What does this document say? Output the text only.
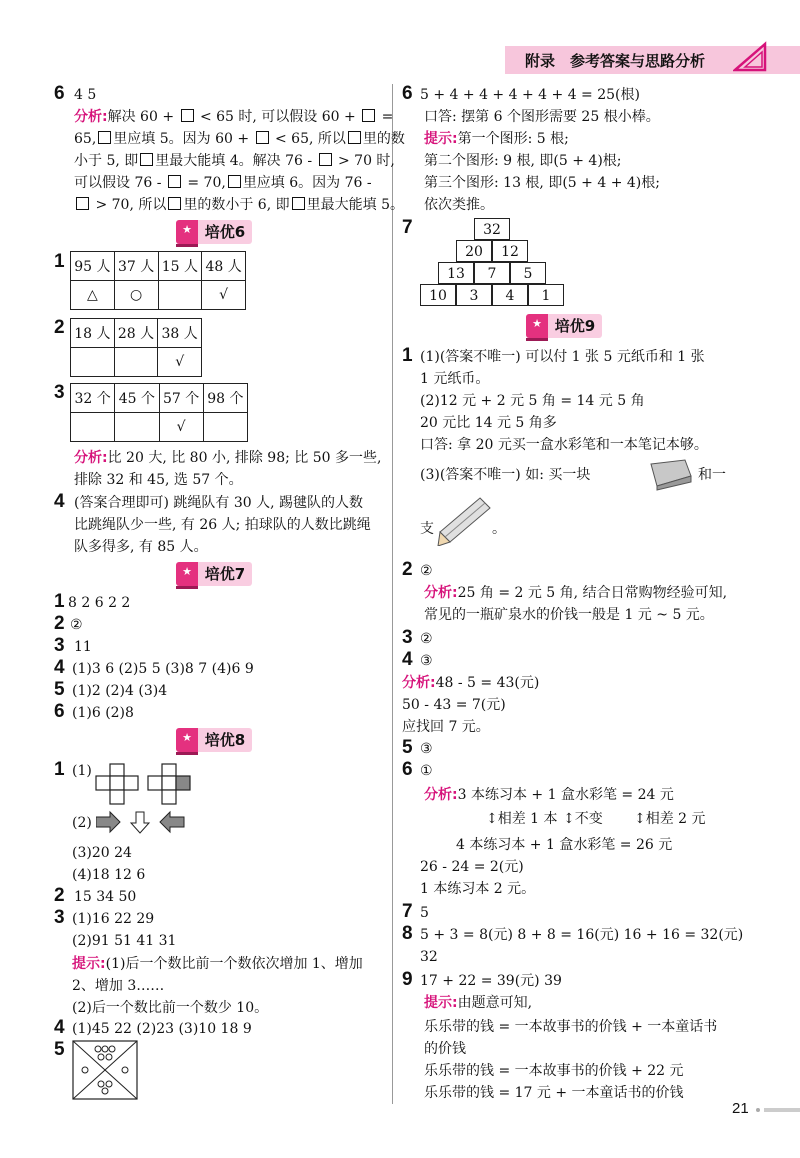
附录 参考答案与思路分析
6 4 5
分析:解决 60 +  < 65 时, 可以假设 60 +  =
65, 里应填 5。因为 60 +  < 65, 所以 里的数
小于 5, 即 里最大能填 4。解决 76 -  > 70 时,
可以假设 76 -  = 70, 里应填 6。因为 76 -
> 70, 所以 里的数小于 6, 即 里最大能填 5。
★ 培优6
1 95 人	37 人	15 人	48 人
△	○		√
2 18 人	28 人	38 人
		√
3 32 个	45 个	57 个	98 个
		√	
分析:比 20 大, 比 80 小, 排除 98; 比 50 多一些,
排除 32 和 45, 选 57 个。
4 (答案合理即可) 跳绳队有 30 人, 踢毽队的人数
比跳绳队少一些, 有 26 人; 拍球队的人数比跳绳
队多得多, 有 85 人。
★ 培优7
1 8 2 6 2 2
2 ②
3 11
4 (1)3 6 (2)5 5 (3)8 7 (4)6 9
5 (1)2 (2)4 (3)4
6 (1)6 (2)8
★ 培优8
1 (1)
(2)
(3)20 24
(4)18 12 6
2 15 34 50
3 (1)16 22 29
(2)91 51 41 31
提示:(1)后一个数比前一个数依次增加 1、增加
2、增加 3……
(2)后一个数比前一个数少 10。
4 (1)45 22 (2)23 (3)10 18 9
5
6 5 + 4 + 4 + 4 + 4 + 4 = 25(根)
口答: 摆第 6 个图形需要 25 根小棒。
提示:第一个图形: 5 根;
第二个图形: 9 根, 即(5 + 4)根;
第三个图形: 13 根, 即(5 + 4 + 4)根;
依次类推。
7	32
20	12
13	7	5
10	3	4	1
★ 培优9
1 (1)(答案不唯一) 可以付 1 张 5 元纸币和 1 张
1 元纸币。
(2)12 元 + 2 元 5 角 = 14 元 5 角
20 元比 14 元 5 角多
口答: 拿 20 元买一盒水彩笔和一本笔记本够。
(3)(答案不唯一) 如: 买一块	和一
支	。
2 ②
分析:25 角 = 2 元 5 角, 结合日常购物经验可知,
常见的一瓶矿泉水的价钱一般是 1 元 ~ 5 元。
3 ②
4 ③
分析:48 - 5 = 43(元)
50 - 43 = 7(元)
应找回 7 元。
5 ③
6 ①
分析:3 本练习本 + 1 盒水彩笔 = 24 元
↕相差 1 本 ↕不变 ↕相差 2 元
4 本练习本 + 1 盒水彩笔 = 26 元
26 - 24 = 2(元)
1 本练习本 2 元。
7 5
8 5 + 3 = 8(元) 8 + 8 = 16(元) 16 + 16 = 32(元)
32
9 17 + 22 = 39(元) 39
提示:由题意可知,
乐乐带的钱 = 一本故事书的价钱 + 一本童话书
的价钱
乐乐带的钱 = 一本故事书的价钱 + 22 元
乐乐带的钱 = 17 元 + 一本童话书的价钱
21
